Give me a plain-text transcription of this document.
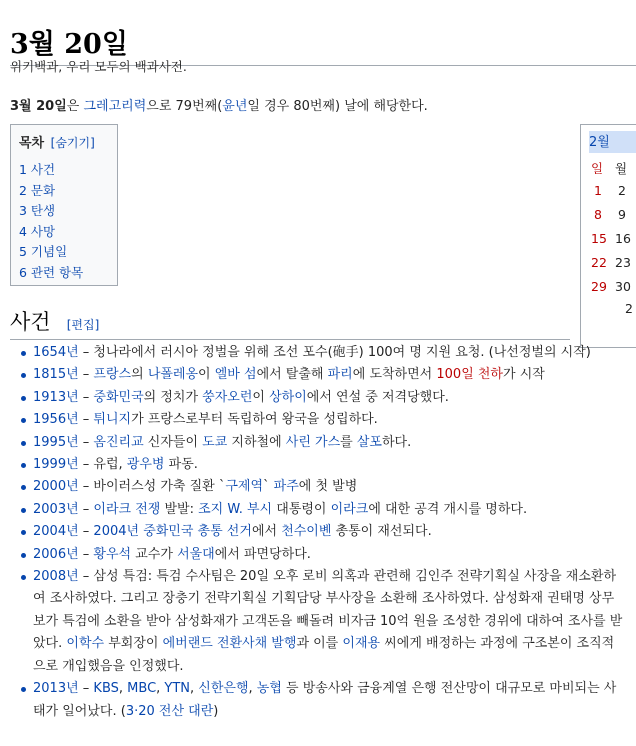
3월 20일
위키백과, 우리 모두의 백과사전.
3월 20일은 그레고리력으로 79번째(윤년일 경우 80번째) 날에 해당한다.
목차 [숨기기]
1 사건
2 문화
3 탄생
4 사망
5 기념일
6 관련 항목
2월
일 월
1 2
8 9
15 16
22 23
29 30
2
사건 [편집]
1654년 – 청나라에서 러시아 정벌을 위해 조선 포수(砲手) 100여 명 지원 요청. (나선정벌의 시작)
1815년 – 프랑스의 나폴레옹이 엘바 섬에서 탈출해 파리에 도착하면서 100일 천하가 시작
1913년 – 중화민국의 정치가 쑹자오런이 상하이에서 연설 중 저격당했다.
1956년 – 튀니지가 프랑스로부터 독립하여 왕국을 성립하다.
1995년 – 옴진리교 신자들이 도쿄 지하철에 사린 가스를 살포하다.
1999년 – 유럽, 광우병 파동.
2000년 – 바이러스성 가축 질환 `구제역` 파주에 첫 발병
2003년 – 이라크 전쟁 발발: 조지 W. 부시 대통령이 이라크에 대한 공격 개시를 명하다.
2004년 – 2004년 중화민국 총통 선거에서 천수이볜 총통이 재선되다.
2006년 – 황우석 교수가 서울대에서 파면당하다.
2008년 – 삼성 특검: 특검 수사팀은 20일 오후 로비 의혹과 관련해 김인주 전략기획실 사장을 재소환하여 조사하였다. 그리고 장충기 전략기획실 기획담당 부사장을 소환해 조사하였다. 삼성화재 권태명 상무보가 특검에 소환을 받아 삼성화재가 고객돈을 빼돌려 비자금 10억 원을 조성한 경위에 대하여 조사를 받았다. 이학수 부회장이 에버랜드 전환사채 발행과 이를 이재용 씨에게 배정하는 과정에 구조본이 조직적으로 개입했음을 인정했다.
2013년 – KBS, MBC, YTN, 신한은행, 농협 등 방송사와 금융계열 은행 전산망이 대규모로 마비되는 사태가 일어났다. (3·20 전산 대란)
